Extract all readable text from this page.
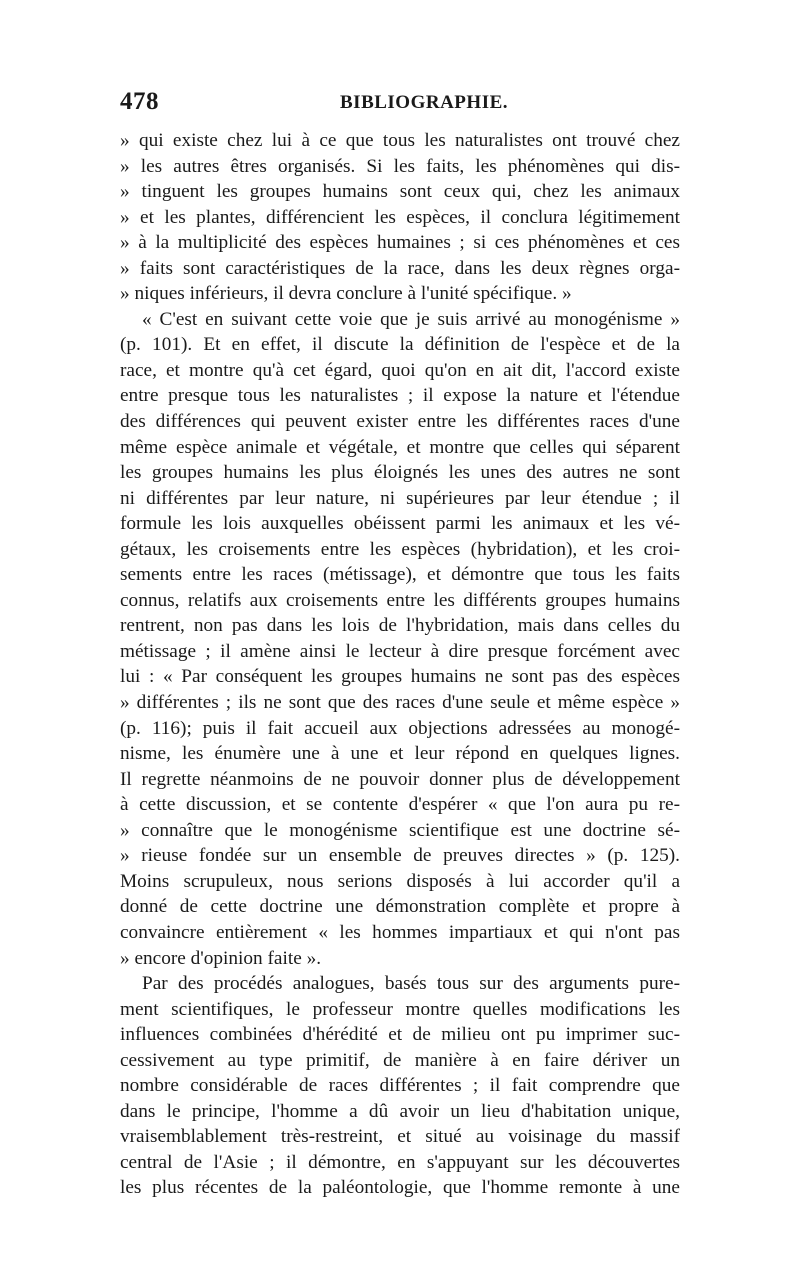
478	BIBLIOGRAPHIE.
» qui existe chez lui à ce que tous les naturalistes ont trouvé chez
» les autres êtres organisés. Si les faits, les phénomènes qui dis-
» tinguent les groupes humains sont ceux qui, chez les animaux
» et les plantes, différencient les espèces, il conclura légitimement
» à la multiplicité des espèces humaines ; si ces phénomènes et ces
» faits sont caractéristiques de la race, dans les deux règnes orga-
» niques inférieurs, il devra conclure à l'unité spécifique. »
« C'est en suivant cette voie que je suis arrivé au monogénisme »
(p. 101). Et en effet, il discute la définition de l'espèce et de la
race, et montre qu'à cet égard, quoi qu'on en ait dit, l'accord existe
entre presque tous les naturalistes ; il expose la nature et l'étendue
des différences qui peuvent exister entre les différentes races d'une
même espèce animale et végétale, et montre que celles qui séparent
les groupes humains les plus éloignés les unes des autres ne sont
ni différentes par leur nature, ni supérieures par leur étendue ; il
formule les lois auxquelles obéissent parmi les animaux et les vé-
gétaux, les croisements entre les espèces (hybridation), et les croi-
sements entre les races (métissage), et démontre que tous les faits
connus, relatifs aux croisements entre les différents groupes humains
rentrent, non pas dans les lois de l'hybridation, mais dans celles du
métissage ; il amène ainsi le lecteur à dire presque forcément avec
lui : « Par conséquent les groupes humains ne sont pas des espèces
» différentes ; ils ne sont que des races d'une seule et même espèce »
(p. 116); puis il fait accueil aux objections adressées au monogé-
nisme, les énumère une à une et leur répond en quelques lignes.
Il regrette néanmoins de ne pouvoir donner plus de développement
à cette discussion, et se contente d'espérer « que l'on aura pu re-
» connaître que le monogénisme scientifique est une doctrine sé-
» rieuse fondée sur un ensemble de preuves directes » (p. 125).
Moins scrupuleux, nous serions disposés à lui accorder qu'il a
donné de cette doctrine une démonstration complète et propre à
convaincre entièrement « les hommes impartiaux et qui n'ont pas
» encore d'opinion faite ».
Par des procédés analogues, basés tous sur des arguments pure-
ment scientifiques, le professeur montre quelles modifications les
influences combinées d'hérédité et de milieu ont pu imprimer suc-
cessivement au type primitif, de manière à en faire dériver un
nombre considérable de races différentes ; il fait comprendre que
dans le principe, l'homme a dû avoir un lieu d'habitation unique,
vraisemblablement très-restreint, et situé au voisinage du massif
central de l'Asie ; il démontre, en s'appuyant sur les découvertes
les plus récentes de la paléontologie, que l'homme remonte à une
